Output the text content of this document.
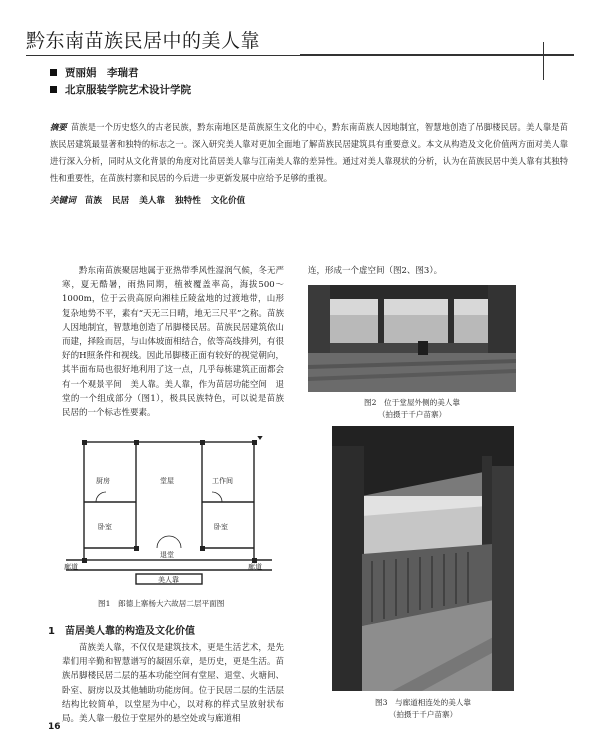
黔东南苗族民居中的美人靠
贾丽娟　李瑞君
北京服装学院艺术设计学院
摘要 苗族是一个历史悠久的古老民族，黔东南地区是苗族原生文化的中心，黔东南苗族人因地制宜，智慧地创造了吊脚楼民居。美人靠是苗族民居建筑最显著和独特的标志之一。深入研究美人靠对更加全面地了解苗族民居建筑具有重要意义。本文从构造及文化价值两方面对美人靠进行深入分析，同时从文化背景的角度对比苗居美人靠与江南美人靠的差异性。通过对美人靠现状的分析，认为在苗族民居中美人靠有其独特性和重要性，在苗族村寨和民居的今后进一步更新发展中应给予足够的重视。
关键词 苗族 民居 美人靠 独特性 文化价值
黔东南苗族聚居地属于亚热带季风性湿润气候，冬无严寒，夏无酷暑，雨热同期，植被覆盖率高，海拔500～1000m，位于云贵高原向湘桂丘陵盆地的过渡地带，山形复杂地势不平，素有“天无三日晴，地无三尺平”之称。苗族人因地制宜，智慧地创造了吊脚楼民居。苗族民居建筑依山而建，择险而居，与山体坡面相结合，依等高线排列，有很好的H照条件和视线。因此吊脚楼正面有较好的视觉朝向，其半面布局也很好地利用了这一点，几乎每栋建筑正面都会有一个观景平间　美人靠。美人靠，作为苗居功能空间　退堂的一个组成部分（图1），极具民族特色，可以说是苗族民居的一个标志性要素。
连，形成一个虚空间（图2、图3）。
图2　位于堂屋外侧的美人靠
（拍摄于千户苗寨）
图3　与廊道相连处的美人靠
（拍摄于千户苗寨）
厨房	堂屋	工作间
卧室	卧室
退堂
廊道	廊道
美人靠
图1　郎德上寨杨大六故居二层平面图
1　苗居美人靠的构造及文化价值
苗族美人靠，不仅仅是建筑技术，更是生活艺术，是先辈们用辛勤和智慧谱写的凝固乐章，是历史，更是生活。苗族吊脚楼民居二层的基本功能空间有堂屋、退堂、火塘间、卧室、厨房以及其他辅助功能房间。位于民居二层的生活层结构比较简单，以堂屋为中心，以对称的样式呈放射状布局。美人靠一般位于堂屋外的悬空处或与廊道相
16
